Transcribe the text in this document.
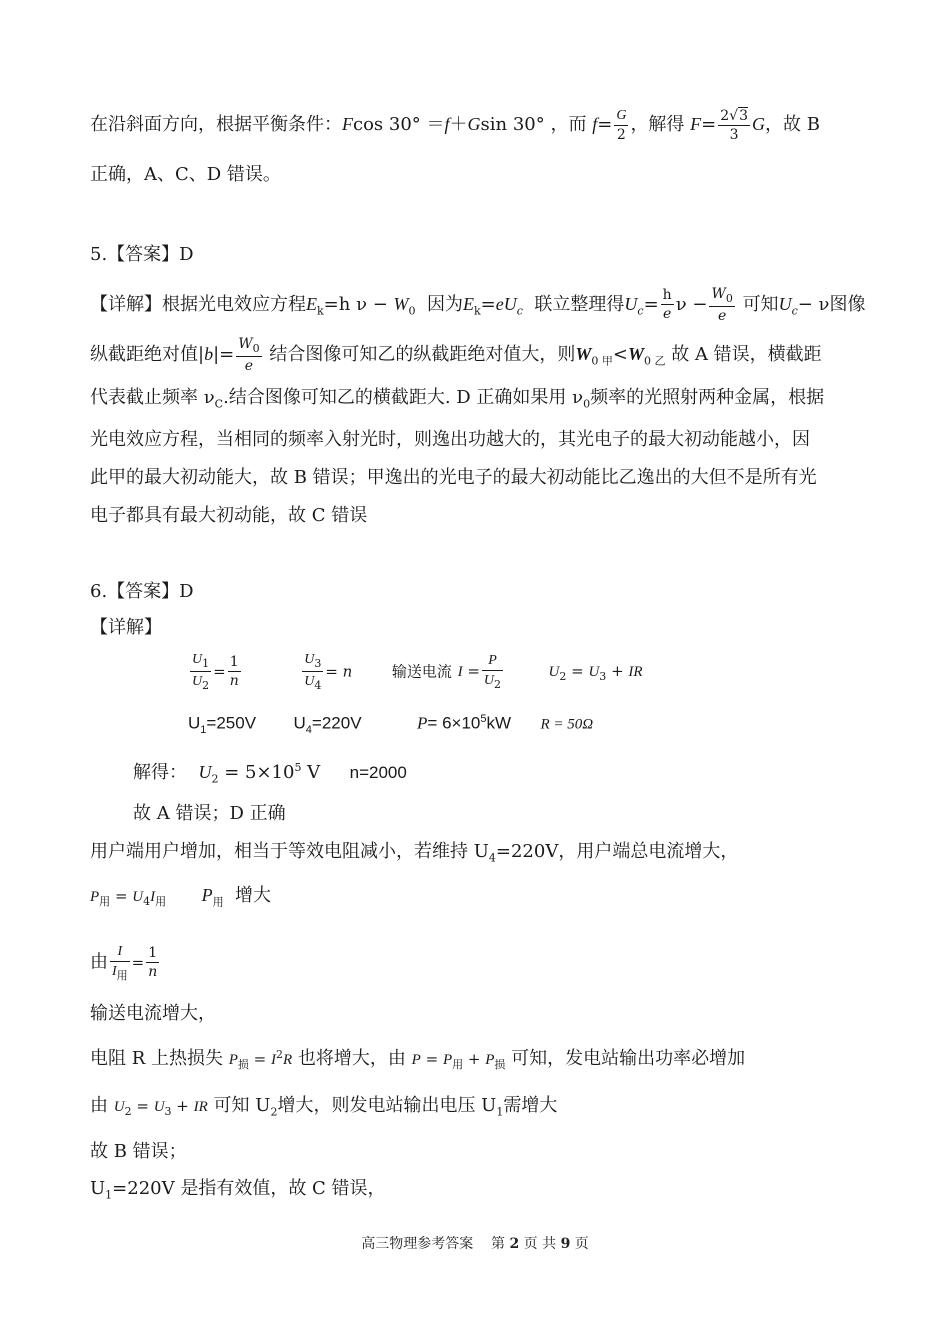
在沿斜面方向，根据平衡条件：Fcos 30° ＝f＋Gsin 30° ，而 $f= \frac{G}{2}$ ，解得 $F= \frac{2√3}{3}$ G，故 B
正确，A、C、D 错误。
5.【答案】D
【详解】根据光电效应方程$E_k=h$ $\nu - W_0$ 因为$E_k=eU_c$ 联立整理得$U_c= \frac{h}{e}$ $\nu - \frac{W_0}{e}$ 可知$U_c- \nu$图像
纵截距绝对值$|b|= \frac{W_0}{e}$ 结合图像可知乙的纵截距绝对值大，则$W_{0 甲}<W_{0 乙}$ 故 A 错误，横截距
代表截止频率 $\nu_C$.结合图像可知乙的横截距大. D 正确如果用 $\nu_0$频率的光照射两种金属，根据
光电效应方程，当相同的频率入射光时，则逸出功越大的，其光电子的最大初动能越小，因
此甲的最大初动能大，故 B 错误；甲逸出的光电子的最大初动能比乙逸出的大但不是所有光
电子都具有最大初动能，故 C 错误
6.【答案】D
【详解】
$\frac{U_1}{U_2} = \frac{1}{n}$
	$\frac{U_3}{U_4} = n$	输送电流 $I = \frac{P}{U_2}$	$U_2 = U_3$ + IR
$U_1=250V$  $U_4=220V$	$P= 6\times 10^5kW$ R = 50Ω
解得： $U_2 = 5\times 10^5$ V n=2000
故 A 错误；D 正确
用户端用户增加，相当于等效电阻减小，若维持 $U_4=220V$，用户端总电流增大，
$P_用 = U_4I_用$ $P_用$ 增大
由 $\frac{I}{I_用} = \frac{1}{n}$
输送电流增大，
电阻 R 上热损失 $P_损 = I^2R$ 也将增大，由 $P = P_用 + P_损$ 可知，发电站输出功率必增加
由 $U_2 = U_3$ + IR 可知 $U_2$增大，则发电站输出电压 $U_1$需增大
故 B 错误；
$U_1=220V$ 是指有效值，故 C 错误，
高三物理参考答案 第 2 页 共 9 页
